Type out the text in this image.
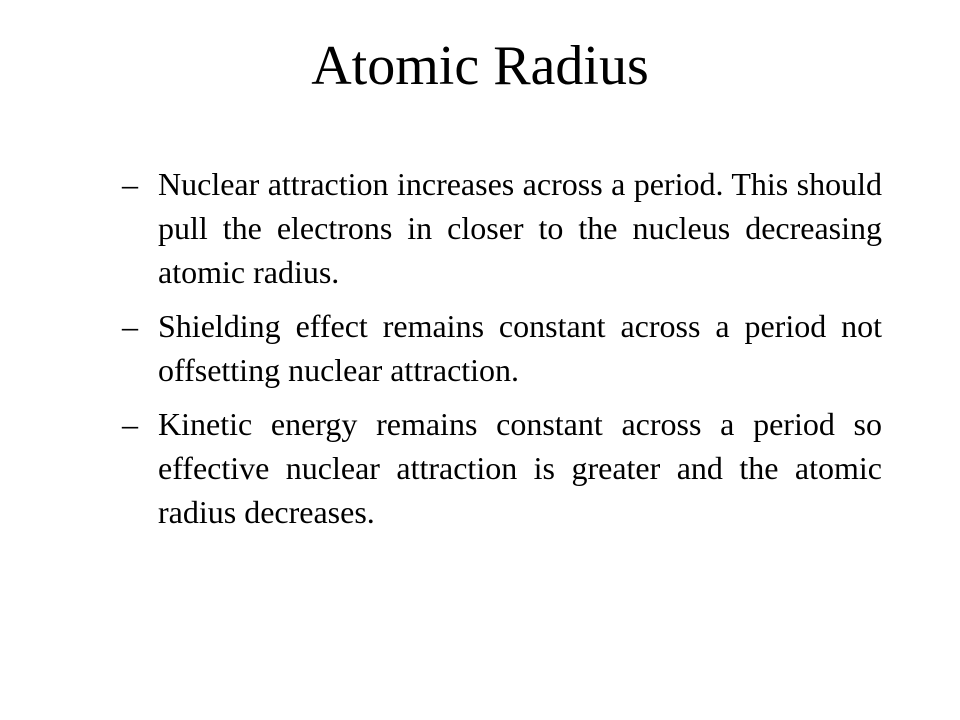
Atomic Radius
– Nuclear attraction increases across a period. This should pull the electrons in closer to the nucleus decreasing atomic radius.
– Shielding effect remains constant across a period not offsetting nuclear attraction.
– Kinetic energy remains constant across a period so effective nuclear attraction is greater and the atomic radius decreases.
